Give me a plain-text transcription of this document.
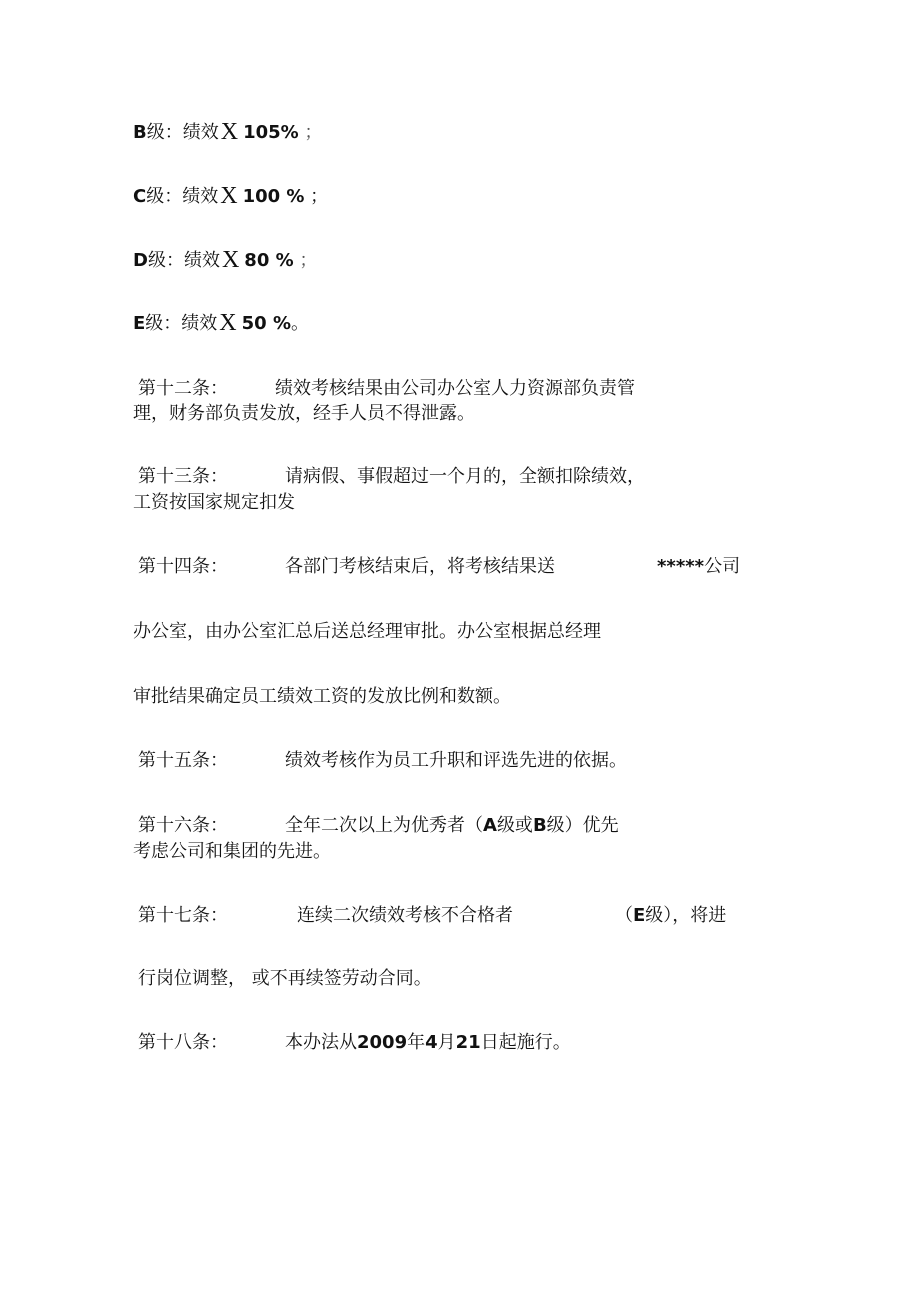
B级：绩效X 105% ；
C级：绩效X 100 % ；
D级：绩效X 80 % ；
E级：绩效X 50 %。
第十二条：	绩效考核结果由公司办公室人力资源部负责管
理，财务部负责发放，经手人员不得泄露。
第十三条：	请病假、事假超过一个月的，全额扣除绩效，
工资按国家规定扣发
第十四条：	各部门考核结束后，将考核结果送	*****公司
办公室，由办公室汇总后送总经理审批。办公室根据总经理
审批结果确定员工绩效工资的发放比例和数额。
第十五条：	绩效考核作为员工升职和评选先进的依据。
第十六条：	全年二次以上为优秀者（A级或B级）优先
考虑公司和集团的先进。
第十七条：	连续二次绩效考核不合格者	（E级），将进
行岗位调整， 或不再续签劳动合同。
第十八条：	本办法从2009年4月21日起施行。
